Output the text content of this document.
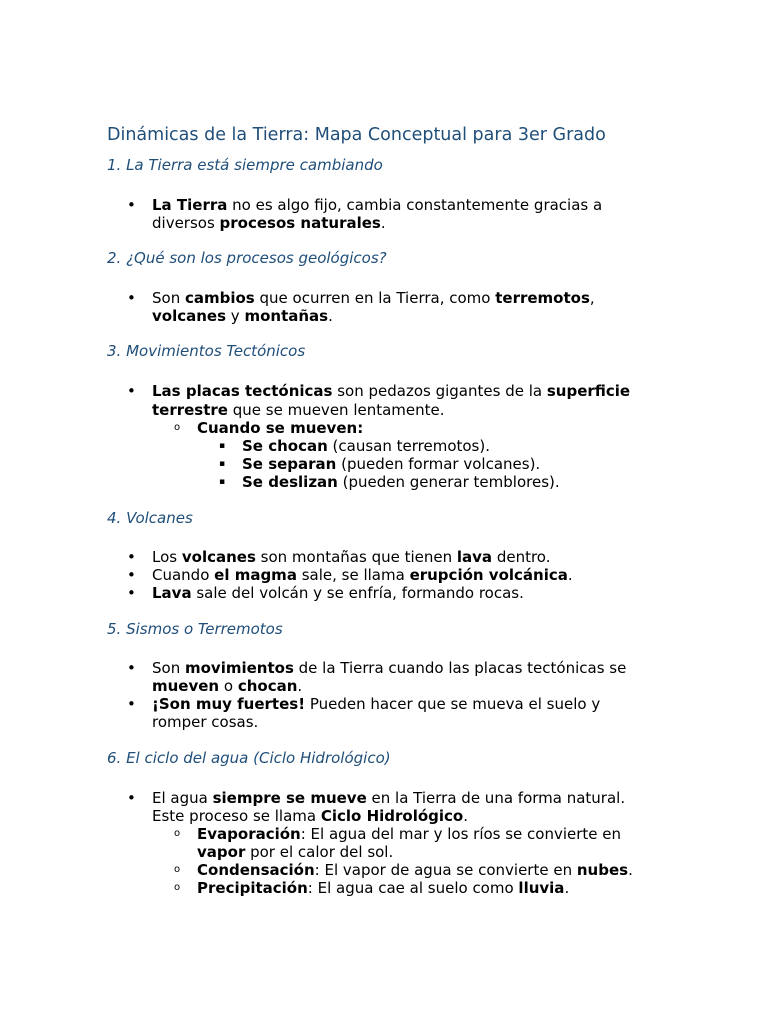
Dinámicas de la Tierra: Mapa Conceptual para 3er Grado
1. La Tierra está siempre cambiando
• La Tierra no es algo fijo, cambia constantemente gracias a
diversos procesos naturales.
2. ¿Qué son los procesos geológicos?
• Son cambios que ocurren en la Tierra, como terremotos,
volcanes y montañas.
3. Movimientos Tectónicos
• Las placas tectónicas son pedazos gigantes de la superficie
terrestre que se mueven lentamente.
o Cuando se mueven:
▪ Se chocan (causan terremotos).
▪ Se separan (pueden formar volcanes).
▪ Se deslizan (pueden generar temblores).
4. Volcanes
• Los volcanes son montañas que tienen lava dentro.
• Cuando el magma sale, se llama erupción volcánica.
• Lava sale del volcán y se enfría, formando rocas.
5. Sismos o Terremotos
• Son movimientos de la Tierra cuando las placas tectónicas se
mueven o chocan.
• ¡Son muy fuertes! Pueden hacer que se mueva el suelo y
romper cosas.
6. El ciclo del agua (Ciclo Hidrológico)
• El agua siempre se mueve en la Tierra de una forma natural.
Este proceso se llama Ciclo Hidrológico.
o Evaporación: El agua del mar y los ríos se convierte en
vapor por el calor del sol.
o Condensación: El vapor de agua se convierte en nubes.
o Precipitación: El agua cae al suelo como lluvia.
